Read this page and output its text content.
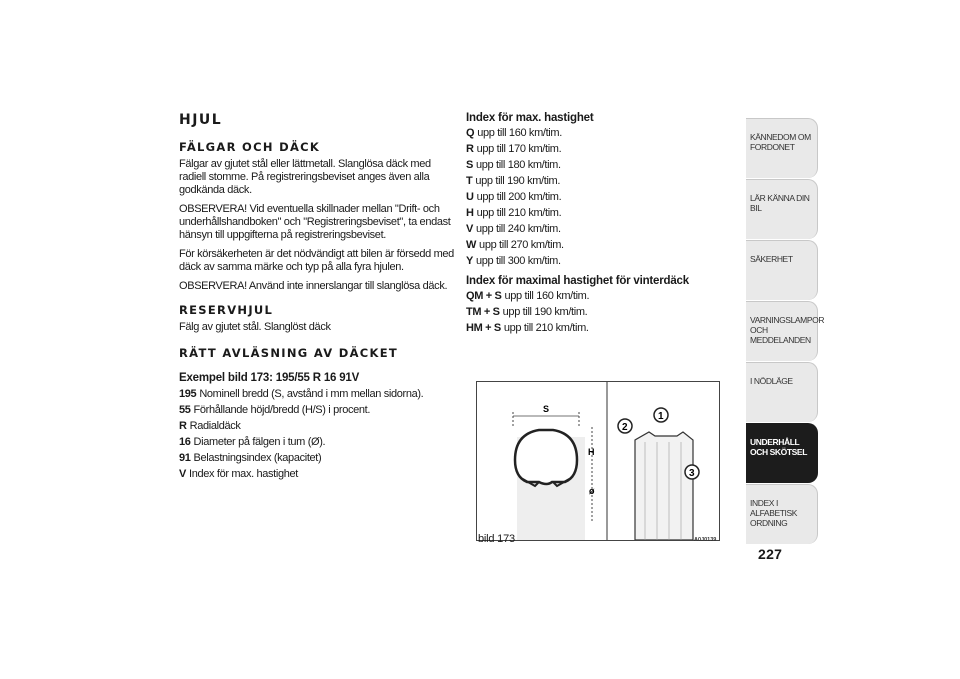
HJUL
FÄLGAR OCH DÄCK

Fälgar av gjutet stål eller lättmetall. Slanglösa däck med radiell stomme. På registreringsbeviset anges även alla godkända däck.

OBSERVERA! Vid eventuella skillnader mellan "Drift- och underhållshandboken" och "Registreringsbeviset", ta endast hänsyn till uppgifterna på registreringsbeviset.

För körsäkerheten är det nödvändigt att bilen är försedd med däck av samma märke och typ på alla fyra hjulen.

OBSERVERA! Använd inte innerslangar till slanglösa däck.

RESERVHJUL

Fälg av gjutet stål. Slanglöst däck

RÄTT AVLÄSNING AV DÄCKET

Exempel bild 173: 195/55 R 16 91V

195 Nominell bredd (S, avstånd i mm mellan sidorna).
55 Förhållande höjd/bredd (H/S) i procent.
R Radialdäck
16 Diameter på fälgen i tum (Ø).
91 Belastningsindex (kapacitet)
V Index för max. hastighet

Index för max. hastighet

Q upp till 160 km/tim.
R upp till 170 km/tim.
S upp till 180 km/tim.
T upp till 190 km/tim.
U upp till 200 km/tim.
H upp till 210 km/tim.
V upp till 240 km/tim.
W upp till 270 km/tim.
Y upp till 300 km/tim.

Index för maximal hastighet för vinterdäck

QM + S upp till 160 km/tim.
TM + S upp till 190 km/tim.
HM + S upp till 210 km/tim.
S
H
ø
1
2
3
bild 173	A0J0139
KÄNNEDOM OM FORDONET
LÄR KÄNNA DIN BIL
SÄKERHET
VARNINGSLAMPOR OCH MEDDELANDEN
I NÖDLÄGE
UNDERHÅLL OCH SKÖTSEL
INDEX I ALFABETISK ORDNING
227
